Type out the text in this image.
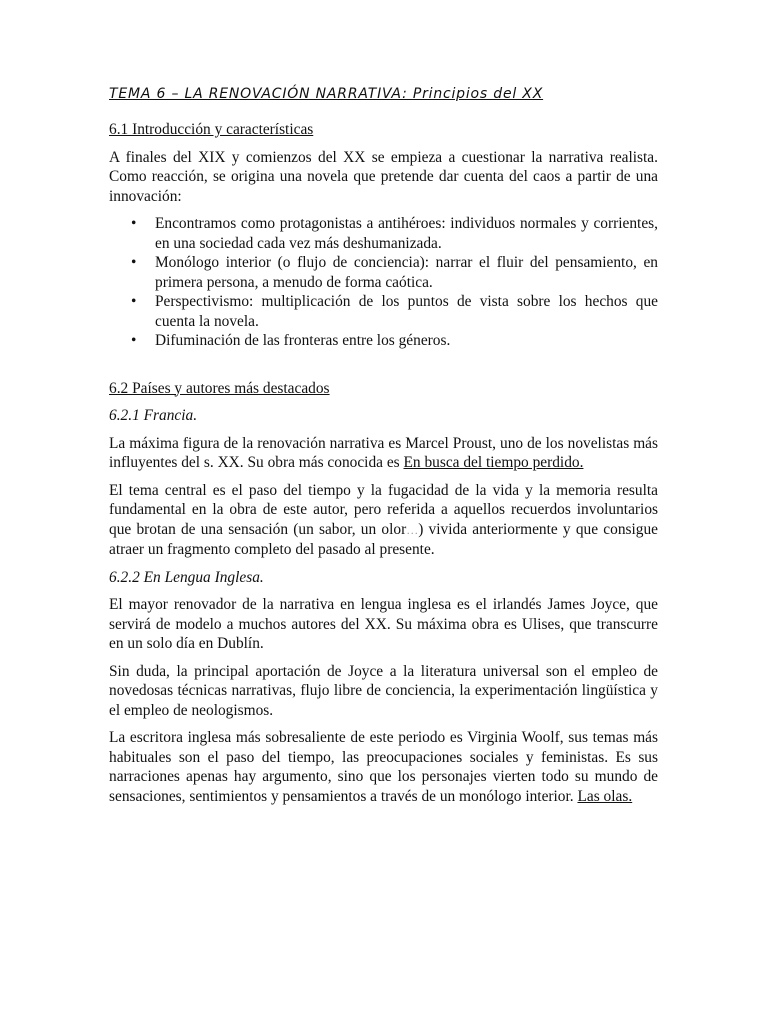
TEMA 6 – LA RENOVACIÓN NARRATIVA: Principios del XX
6.1 Introducción y características

A finales del XIX y comienzos del XX se empieza a cuestionar la narrativa realista. Como reacción, se origina una novela que pretende dar cuenta del caos a partir de una innovación:

• Encontramos como protagonistas a antihéroes: individuos normales y corrientes, en una sociedad cada vez más deshumanizada.
• Monólogo interior (o flujo de conciencia): narrar el fluir del pensamiento, en primera persona, a menudo de forma caótica.
• Perspectivismo: multiplicación de los puntos de vista sobre los hechos que cuenta la novela.
• Difuminación de las fronteras entre los géneros.
6.2 Países y autores más destacados
6.2.1 Francia.

La máxima figura de la renovación narrativa es Marcel Proust, uno de los novelistas más influyentes del s. XX. Su obra más conocida es En busca del tiempo perdido.

El tema central es el paso del tiempo y la fugacidad de la vida y la memoria resulta fundamental en la obra de este autor, pero referida a aquellos recuerdos involuntarios que brotan de una sensación (un sabor, un olor…) vivida anteriormente y que consigue atraer un fragmento completo del pasado al presente.

6.2.2 En Lengua Inglesa.

El mayor renovador de la narrativa en lengua inglesa es el irlandés James Joyce, que servirá de modelo a muchos autores del XX. Su máxima obra es Ulises, que transcurre en un solo día en Dublín.

Sin duda, la principal aportación de Joyce a la literatura universal son el empleo de novedosas técnicas narrativas, flujo libre de conciencia, la experimentación lingüística y el empleo de neologismos.

La escritora inglesa más sobresaliente de este periodo es Virginia Woolf, sus temas más habituales son el paso del tiempo, las preocupaciones sociales y feministas. Es sus narraciones apenas hay argumento, sino que los personajes vierten todo su mundo de sensaciones, sentimientos y pensamientos a través de un monólogo interior. Las olas.
